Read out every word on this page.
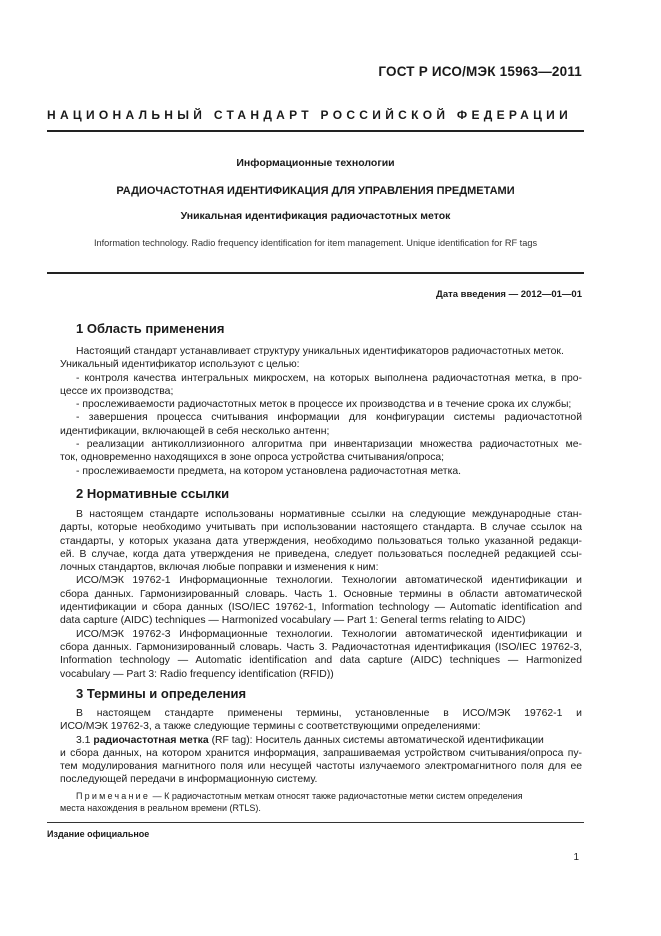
ГОСТ Р ИСО/МЭК 15963—2011
НАЦИОНАЛЬНЫЙ СТАНДАРТ РОССИЙСКОЙ ФЕДЕРАЦИИ
Информационные технологии
РАДИОЧАСТОТНАЯ ИДЕНТИФИКАЦИЯ ДЛЯ УПРАВЛЕНИЯ ПРЕДМЕТАМИ
Уникальная идентификация радиочастотных меток
Information technology. Radio frequency identification for item management. Unique identification for RF tags
Дата введения — 2012—01—01
1 Область применения
Настоящий стандарт устанавливает структуру уникальных идентификаторов радиочастотных меток.
Уникальный идентификатор используют с целью:
- контроля качества интегральных микросхем, на которых выполнена радиочастотная метка, в про-
цессе их производства;
- прослеживаемости радиочастотных меток в процессе их производства и в течение срока их службы;
- завершения процесса считывания информации для конфигурации системы радиочастотной
идентификации, включающей в себя несколько антенн;
- реализации антиколлизионного алгоритма при инвентаризации множества радиочастотных ме-
ток, одновременно находящихся в зоне опроса устройства считывания/опроса;
- прослеживаемости предмета, на котором установлена радиочастотная метка.
2 Нормативные ссылки
В настоящем стандарте использованы нормативные ссылки на следующие международные стан-
дарты, которые необходимо учитывать при использовании настоящего стандарта. В случае ссылок на
стандарты, у которых указана дата утверждения, необходимо пользоваться только указанной редакци-
ей. В случае, когда дата утверждения не приведена, следует пользоваться последней редакцией ссы-
лочных стандартов, включая любые поправки и изменения к ним:
ИСО/МЭК 19762-1 Информационные технологии. Технологии автоматической идентификации и
сбора данных. Гармонизированный словарь. Часть 1. Основные термины в области автоматической
идентификации и сбора данных (ISO/IEC 19762-1, Information technology — Automatic identification and
data capture (AIDC) techniques — Harmonized vocabulary — Part 1: General terms relating to AIDC)
ИСО/МЭК 19762-3 Информационные технологии. Технологии автоматической идентификации и
сбора данных. Гармонизированный словарь. Часть 3. Радиочастотная идентификация (ISO/IEC 19762-3,
Information technology — Automatic identification and data capture (AIDC) techniques — Harmonized
vocabulary — Part 3: Radio frequency identification (RFID))
3 Термины и определения
В настоящем стандарте применены термины, установленные в ИСО/МЭК 19762-1 и
ИСО/МЭК 19762-3, а также следующие термины с соответствующими определениями:
3.1 радиочастотная метка (RF tag): Носитель данных системы автоматической идентификации
и сбора данных, на котором хранится информация, запрашиваемая устройством считывания/опроса пу-
тем модулирования магнитного поля или несущей частоты излучаемого электромагнитного поля для ее
последующей передачи в информационную систему.
Примечание — К радиочастотным меткам относят также радиочастотные метки систем определения
места нахождения в реальном времени (RTLS).
Издание официальное
1
